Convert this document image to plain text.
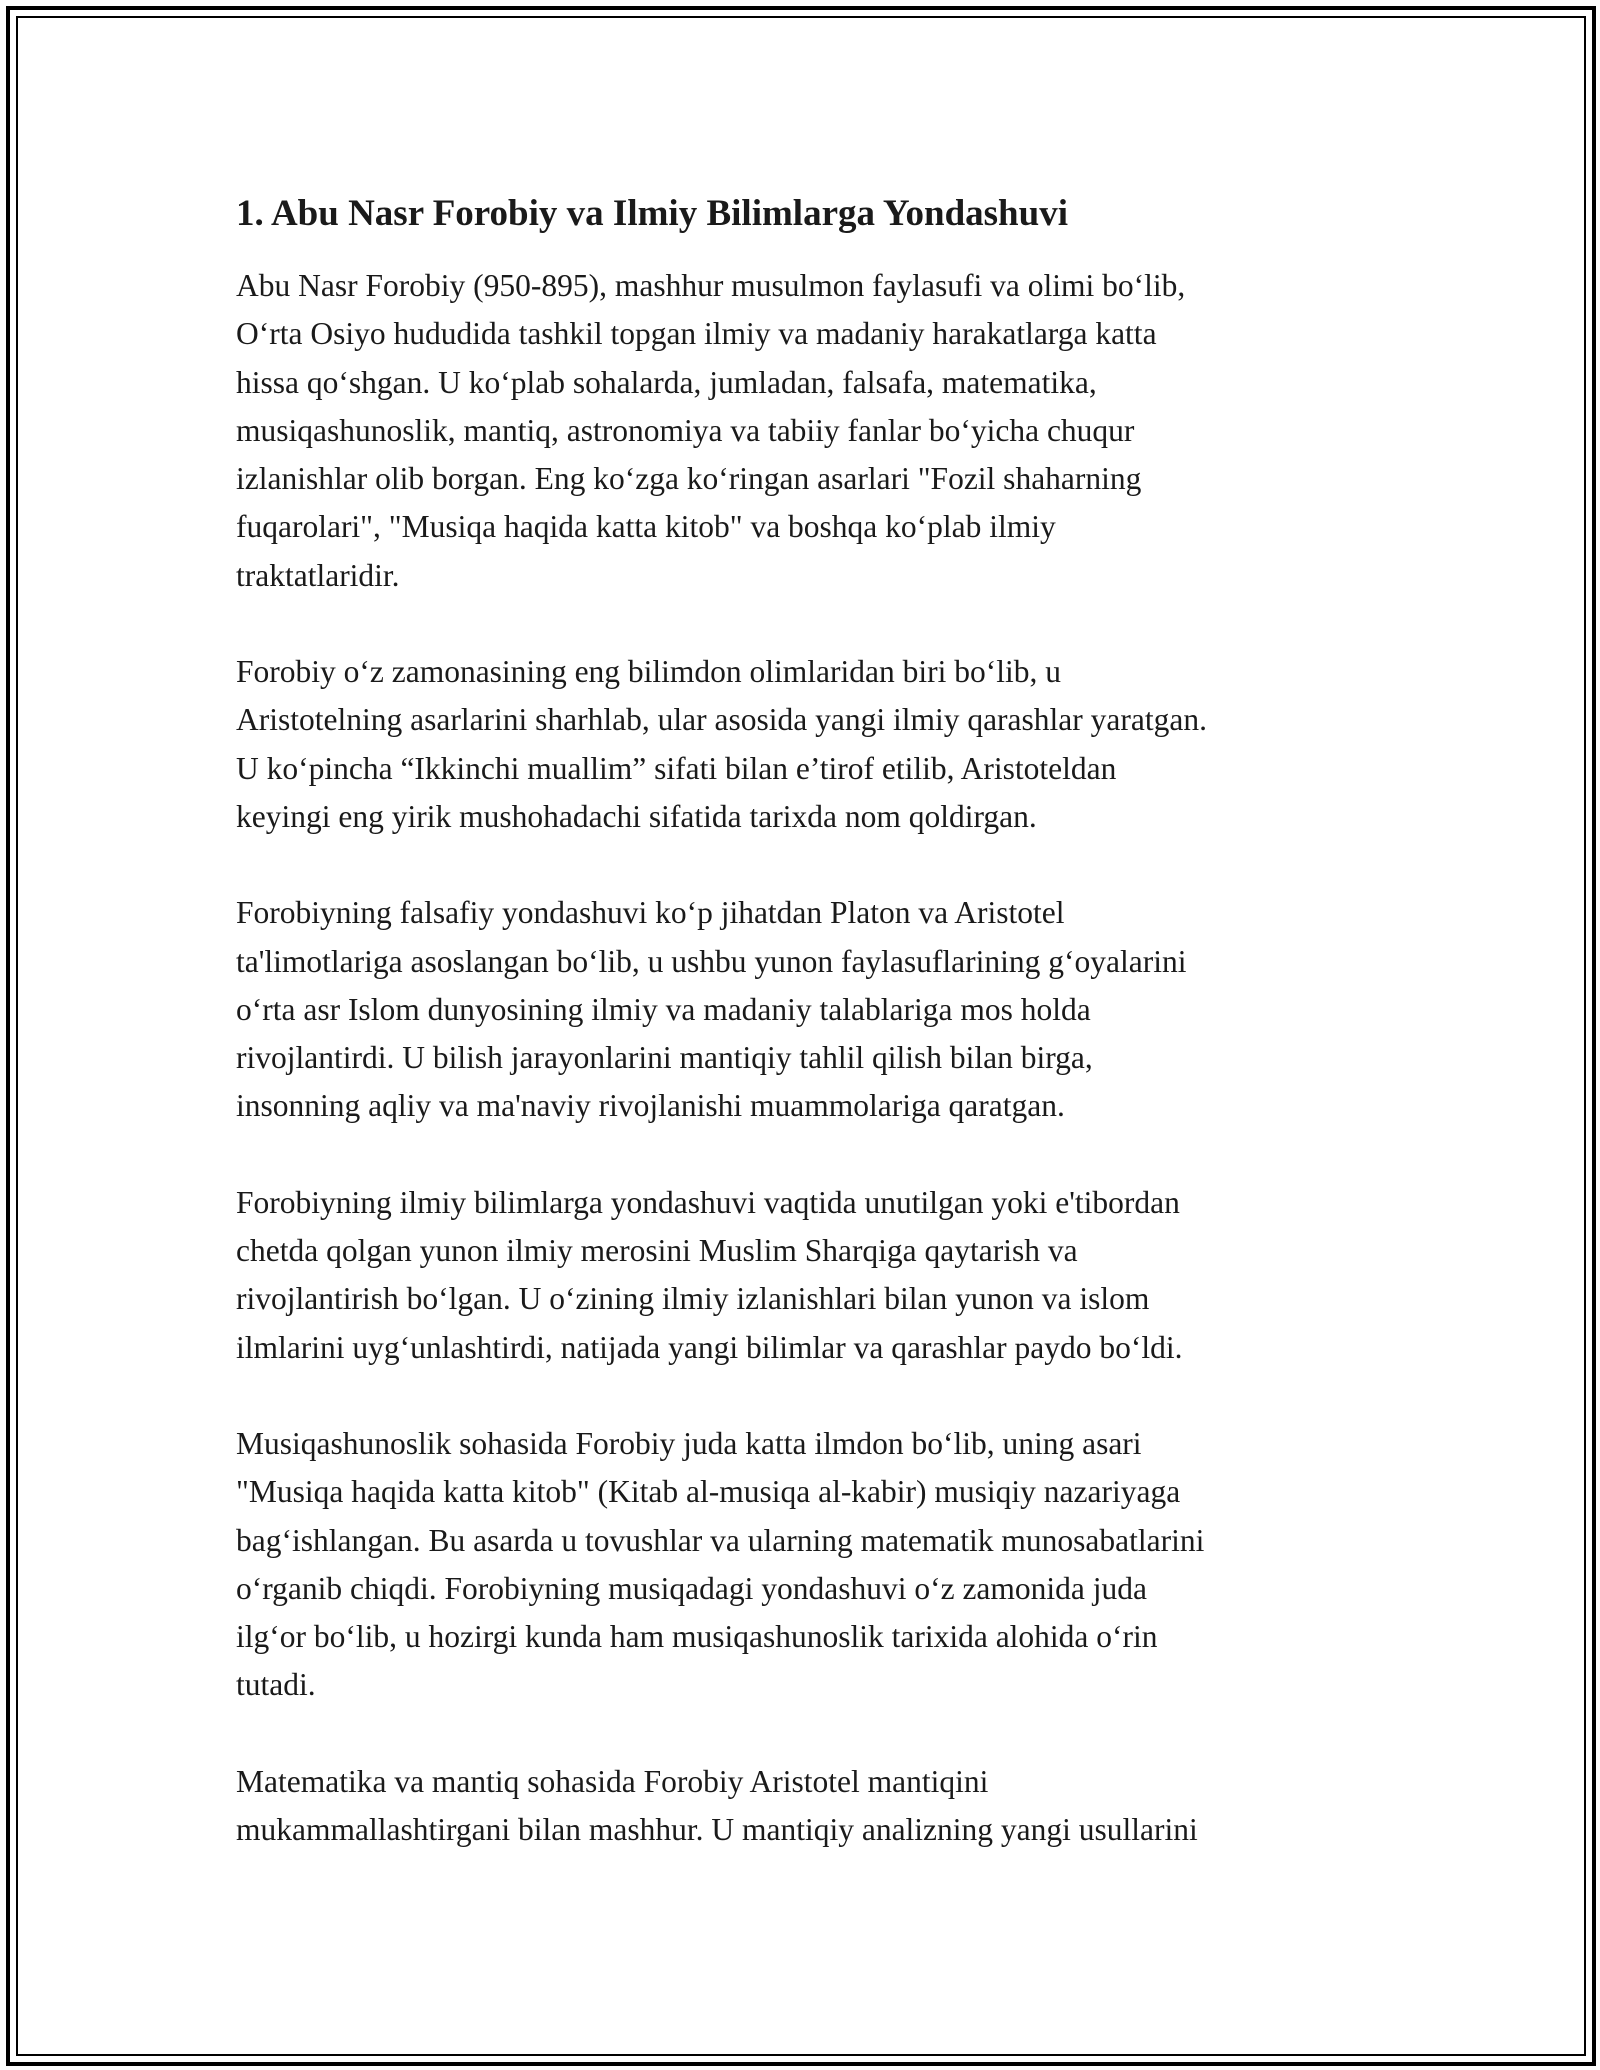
1. Abu Nasr Forobiy va Ilmiy Bilimlarga Yondashuvi

Abu Nasr Forobiy (950-895), mashhur musulmon faylasufi va olimi bo‘lib,
O‘rta Osiyo hududida tashkil topgan ilmiy va madaniy harakatlarga katta
hissa qo‘shgan. U ko‘plab sohalarda, jumladan, falsafa, matematika,
musiqashunoslik, mantiq, astronomiya va tabiiy fanlar bo‘yicha chuqur
izlanishlar olib borgan. Eng ko‘zga ko‘ringan asarlari "Fozil shaharning
fuqarolari", "Musiqa haqida katta kitob" va boshqa ko‘plab ilmiy
traktatlaridir.

Forobiy o‘z zamonasining eng bilimdon olimlaridan biri bo‘lib, u
Aristotelning asarlarini sharhlab, ular asosida yangi ilmiy qarashlar yaratgan.
U ko‘pincha “Ikkinchi muallim” sifati bilan e’tirof etilib, Aristoteldan
keyingi eng yirik mushohadachi sifatida tarixda nom qoldirgan.

Forobiyning falsafiy yondashuvi ko‘p jihatdan Platon va Aristotel
ta'limotlariga asoslangan bo‘lib, u ushbu yunon faylasuflarining g‘oyalarini
o‘rta asr Islom dunyosining ilmiy va madaniy talablariga mos holda
rivojlantirdi. U bilish jarayonlarini mantiqiy tahlil qilish bilan birga,
insonning aqliy va ma'naviy rivojlanishi muammolariga qaratgan.

Forobiyning ilmiy bilimlarga yondashuvi vaqtida unutilgan yoki e'tibordan
chetda qolgan yunon ilmiy merosini Muslim Sharqiga qaytarish va
rivojlantirish bo‘lgan. U o‘zining ilmiy izlanishlari bilan yunon va islom
ilmlarini uyg‘unlashtirdi, natijada yangi bilimlar va qarashlar paydo bo‘ldi.

Musiqashunoslik sohasida Forobiy juda katta ilmdon bo‘lib, uning asari
"Musiqa haqida katta kitob" (Kitab al-musiqa al-kabir) musiqiy nazariyaga
bag‘ishlangan. Bu asarda u tovushlar va ularning matematik munosabatlarini
o‘rganib chiqdi. Forobiyning musiqadagi yondashuvi o‘z zamonida juda
ilg‘or bo‘lib, u hozirgi kunda ham musiqashunoslik tarixida alohida o‘rin
tutadi.

Matematika va mantiq sohasida Forobiy Aristotel mantiqini
mukammallashtirgani bilan mashhur. U mantiqiy analizning yangi usullarini
